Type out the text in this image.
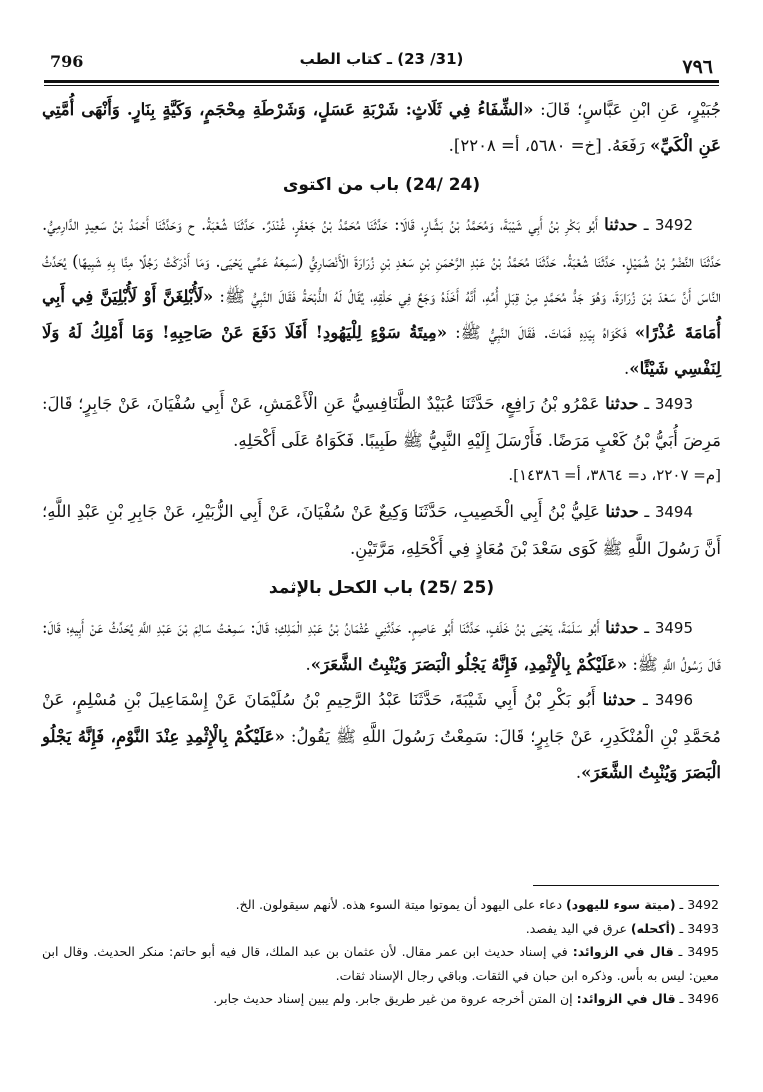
٧٩٦
(31/ 23) ـ كتاب الطب
796

جُبَيْرٍ، عَنِ ابْنِ عَبَّاسٍ؛ قَالَ: «الشِّفَاءُ فِي ثَلَاثٍ: شَرْبَةِ عَسَلٍ، وَشَرْطَةِ مِحْجَمٍ، وَكَيَّةٍ بِنَارٍ. وَأَنْهَى أُمَّتِي عَنِ الْكَيِّ» رَفَعَهُ. [خ= ٥٦٨٠، أ= ٢٢٠٨].

(24 /24) باب من اكتوى

3492 ـ حدثنا أَبُو بَكْرِ بْنُ أَبِي شَيْبَةَ، وَمُحَمَّدُ بْنُ بَشَّارٍ، قَالَا: حَدَّثَنَا مُحَمَّدُ بْنُ جَعْفَرٍ، غُنْدَرٌ. حَدَّثَنَا شُعْبَةُ. ح وَحَدَّثَنَا أَحْمَدُ بْنُ سَعِيدٍ الدَّارِمِيُّ. حَدَّثَنَا النَّضْرُ بْنُ شُمَيْلٍ. حَدَّثَنَا شُعْبَةُ. حَدَّثَنَا مُحَمَّدُ بْنُ عَبْدِ الرَّحْمَنِ بْنِ سَعْدِ بْنِ زُرَارَةَ الْأَنْصَارِيُّ (سَمِعَهُ عَمِّي يَحْيَى. وَمَا أَدْرَكْتُ رَجُلًا مِنَّا بِهِ شَبِيهًا) يُحَدِّثُ النَّاسَ أَنَّ سَعْدَ بْنَ زُرَارَةَ، وَهُوَ جَدُّ مُحَمَّدٍ مِنْ قِبَلِ أُمِّهِ، أَنَّهُ أَخَذَهُ وَجَعٌ فِي حَلْقِهِ، يُقَالُ لَهُ الذُّبْحَةُ فَقَالَ النَّبِيُّ ﷺ: «لَأُبْلِغَنَّ أَوْ لَأُبْلِيَنَّ فِي أَبِي أُمَامَةَ عُذْرًا» فَكَوَاهُ بِيَدِهِ فَمَاتَ. فَقَالَ النَّبِيُّ ﷺ: «مِيتَةُ سَوْءٍ لِلْيَهُودِ! أَفَلَا دَفَعَ عَنْ صَاحِبِهِ! وَمَا أَمْلِكُ لَهُ وَلَا لِنَفْسِي شَيْئًا».

3493 ـ حدثنا عَمْرُو بْنُ رَافِعٍ، حَدَّثَنَا عُبَيْدٌ الطَّنَافِسِيُّ عَنِ الْأَعْمَشِ، عَنْ أَبِي سُفْيَانَ، عَنْ جَابِرٍ؛ قَالَ: مَرِضَ أُبَيُّ بْنُ كَعْبٍ مَرَضًا. فَأَرْسَلَ إِلَيْهِ النَّبِيُّ ﷺ طَبِيبًا. فَكَوَاهُ عَلَى أَكْحَلِهِ.

[م= ٢٢٠٧، د= ٣٨٦٤، أ= ١٤٣٨٦].

3494 ـ حدثنا عَلِيُّ بْنُ أَبِي الْخَصِيبِ، حَدَّثَنَا وَكِيعٌ عَنْ سُفْيَانَ، عَنْ أَبِي الزُّبَيْرِ، عَنْ جَابِرِ بْنِ عَبْدِ اللَّهِ؛ أَنَّ رَسُولَ اللَّهِ ﷺ كَوَى سَعْدَ بْنَ مُعَاذٍ فِي أَكْحَلِهِ، مَرَّتَيْنِ.

(25 /25) باب الكحل بالإثمد

3495 ـ حدثنا أَبُو سَلَمَةَ، يَحْيَى بْنُ خَلَفٍ، حَدَّثَنَا أَبُو عَاصِمٍ. حَدَّثَنِي عُثْمَانُ بْنُ عَبْدِ الْمَلِكِ؛ قَالَ: سَمِعْتُ سَالِمَ بْنَ عَبْدِ اللَّهِ يُحَدِّثُ عَنْ أَبِيهِ؛ قَالَ: قَالَ رَسُولُ اللَّهِ ﷺ: «عَلَيْكُمْ بِالْإِثْمِدِ، فَإِنَّهُ يَجْلُو الْبَصَرَ وَيُنْبِتُ الشَّعَرَ».

3496 ـ حدثنا أَبُو بَكْرِ بْنُ أَبِي شَيْبَةَ، حَدَّثَنَا عَبْدُ الرَّحِيمِ بْنُ سُلَيْمَانَ عَنْ إِسْمَاعِيلَ بْنِ مُسْلِمٍ، عَنْ مُحَمَّدِ بْنِ الْمُنْكَدِرِ، عَنْ جَابِرٍ؛ قَالَ: سَمِعْتُ رَسُولَ اللَّهِ ﷺ يَقُولُ: «عَلَيْكُمْ بِالْإِثْمِدِ عِنْدَ النَّوْمِ، فَإِنَّهُ يَجْلُو الْبَصَرَ وَيُنْبِتُ الشَّعَرَ».

3492 ـ (ميتة سوء لليهود) دعاء على اليهود أن يموتوا ميتة السوء هذه. لأنهم سيقولون. الخ.

3493 ـ (أكحله) عرق في اليد يفصد.

3495 ـ قال في الزوائد: في إسناد حديث ابن عمر مقال. لأن عثمان بن عبد الملك، قال فيه أبو حاتم: منكر الحديث. وقال ابن معين: ليس به بأس. وذكره ابن حبان في الثقات. وباقي رجال الإسناد ثقات.

3496 ـ قال في الزوائد: إن المتن أخرجه عروة من غير طريق جابر. ولم يبين إسناد حديث جابر.
